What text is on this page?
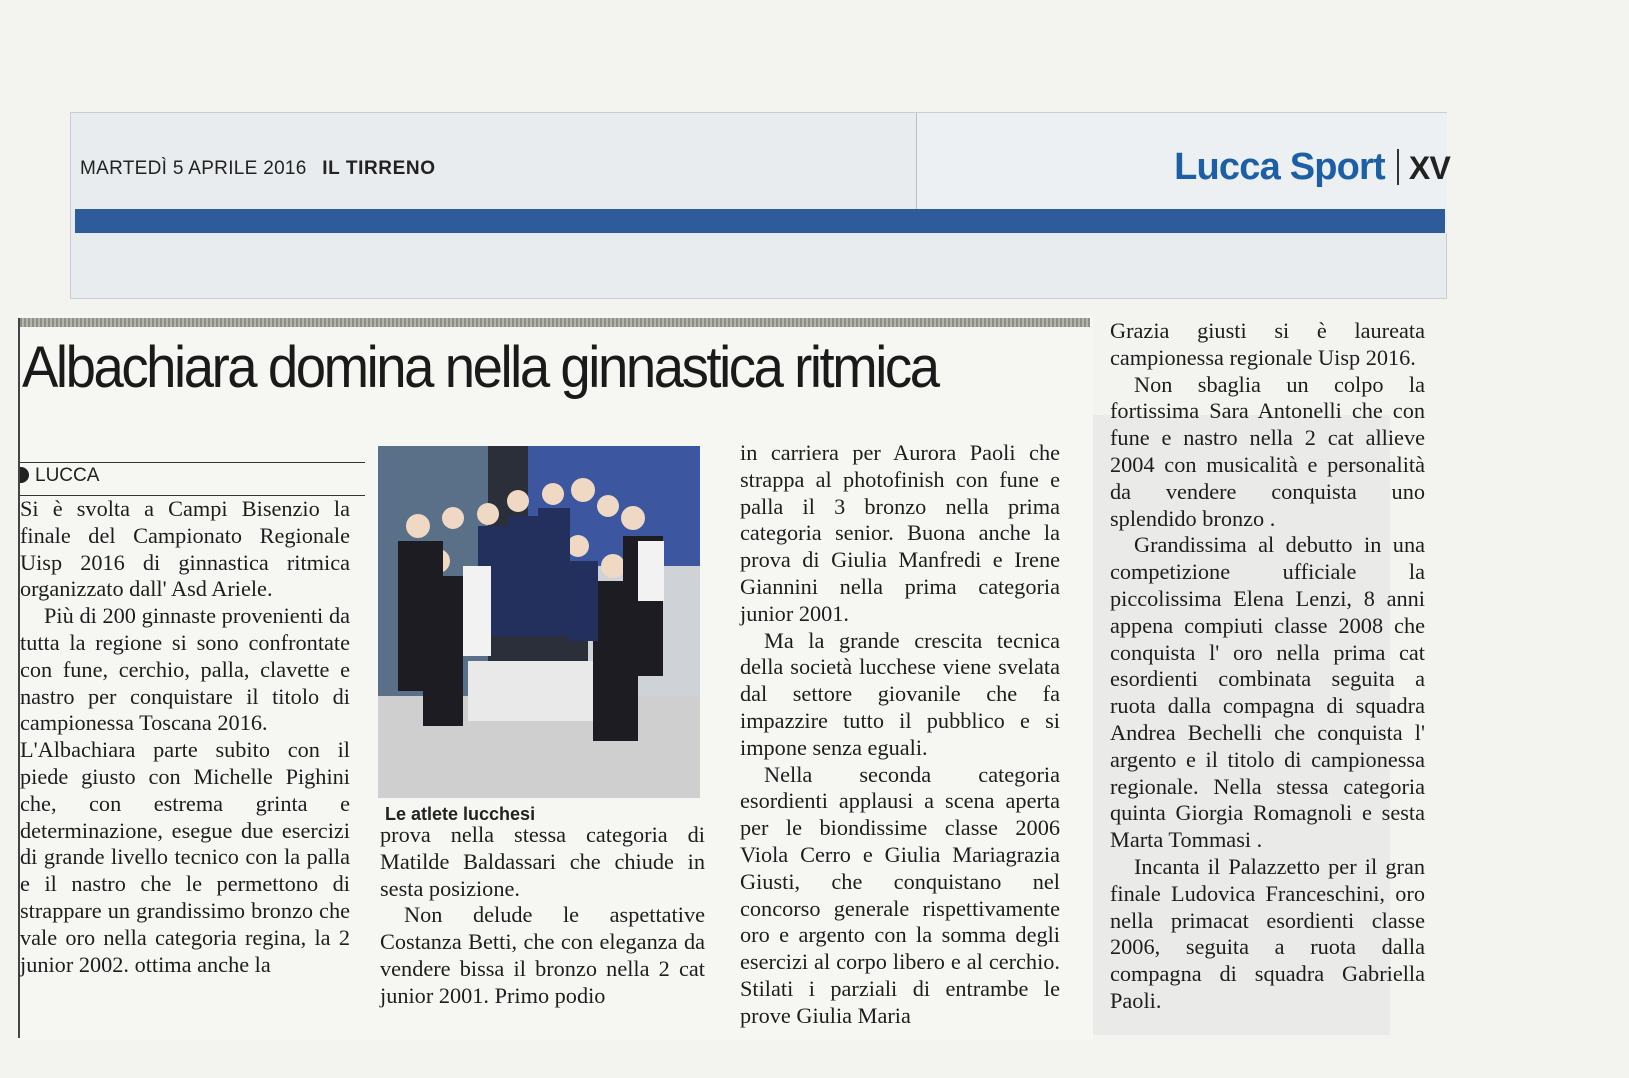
MARTEDÌ 5 APRILE 2016 IL TIRRENO	Lucca Sport XV
Albachiara domina nella ginnastica ritmica
LUCCA

Si è svolta a Campi Bisenzio la finale del Campionato Regionale Uisp 2016 di ginnastica ritmica organizzato dall' Asd Ariele.

Più di 200 ginnaste provenienti da tutta la regione si sono confrontate con fune, cerchio, palla, clavette e nastro per conquistare il titolo di campionessa Toscana 2016.

L'Albachiara parte subito con il piede giusto con Michelle Pighini che, con estrema grinta e determinazione, esegue due esercizi di grande livello tecnico con la palla e il nastro che le permettono di strappare un grandissimo bronzo che vale oro nella categoria regina, la 2 junior 2002. ottima anche la

Le atlete lucchesi

prova nella stessa categoria di Matilde Baldassari che chiude in sesta posizione.

Non delude le aspettative Costanza Betti, che con eleganza da vendere bissa il bronzo nella 2 cat junior 2001. Primo podio

in carriera per Aurora Paoli che strappa al photofinish con fune e palla il 3 bronzo nella prima categoria senior. Buona anche la prova di Giulia Manfredi e Irene Giannini nella prima categoria junior 2001.

Ma la grande crescita tecnica della società lucchese viene svelata dal settore giovanile che fa impazzire tutto il pubblico e si impone senza eguali.

Nella seconda categoria esordienti applausi a scena aperta per le biondissime classe 2006 Viola Cerro e Giulia Mariagrazia Giusti, che conquistano nel concorso generale rispettivamente oro e argento con la somma degli esercizi al corpo libero e al cerchio. Stilati i parziali di entrambe le prove Giulia Maria

Grazia giusti si è laureata campionessa regionale Uisp 2016.

Non sbaglia un colpo la fortissima Sara Antonelli che con fune e nastro nella 2 cat allieve 2004 con musicalità e personalità da vendere conquista uno splendido bronzo .

Grandissima al debutto in una competizione ufficiale la piccolissima Elena Lenzi, 8 anni appena compiuti classe 2008 che conquista l' oro nella prima cat esordienti combinata seguita a ruota dalla compagna di squadra Andrea Bechelli che conquista l' argento e il titolo di campionessa regionale. Nella stessa categoria quinta Giorgia Romagnoli e sesta Marta Tommasi .

Incanta il Palazzetto per il gran finale Ludovica Franceschini, oro nella primacat esordienti classe 2006, seguita a ruota dalla compagna di squadra Gabriella Paoli.
